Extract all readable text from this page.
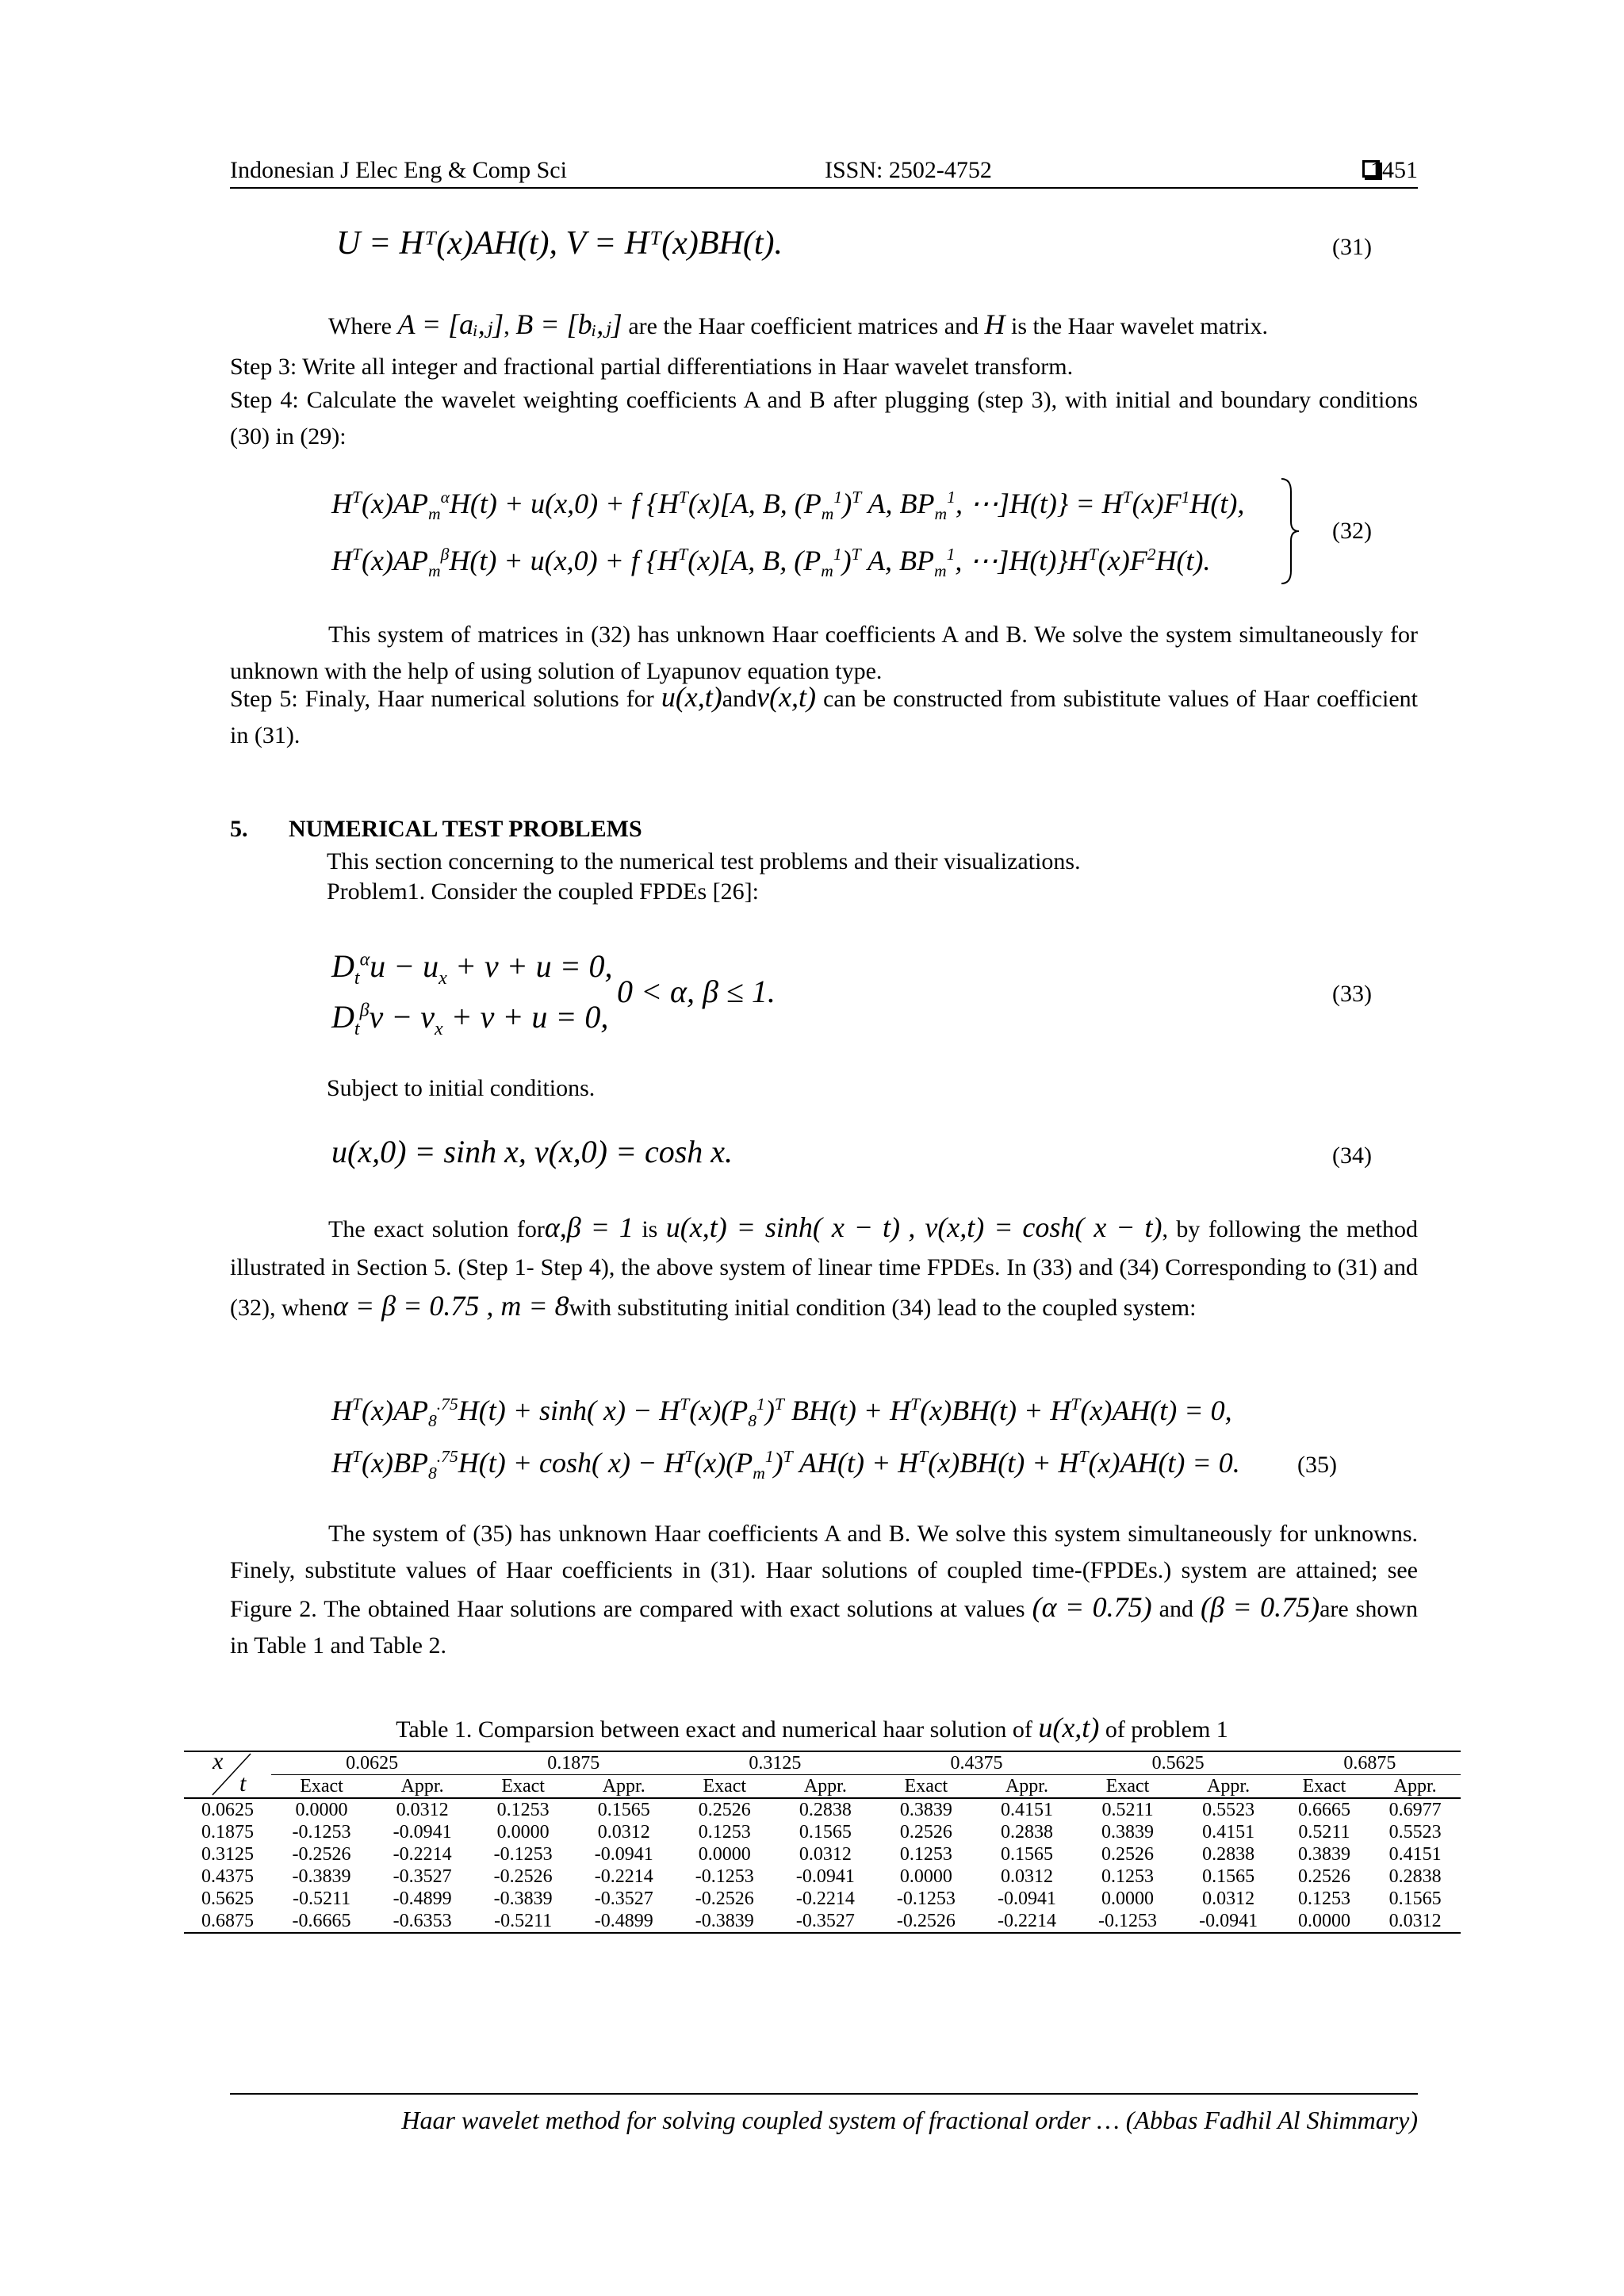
Indonesian J Elec Eng & Comp Sci	ISSN: 2502-4752	1451
U = Hᵀ(x)AH(t), V = Hᵀ(x)BH(t).	(31)
Where A = [aᵢ,ⱼ], B = [bᵢ,ⱼ] are the Haar coefficient matrices and H is the Haar wavelet matrix.
Step 3: Write all integer and fractional partial differentiations in Haar wavelet transform.
Step 4: Calculate the wavelet weighting coefficients A and B after plugging (step 3), with initial and boundary conditions (30) in (29):
$H^T(x)AP_m^\alpha H(t) + u(x,0) + f$ {$H^T(x)[A$, B, $(P_m^1)^T$ A, $BP_m^1$, ⋯]H(t)} = $H^T(x)F^1H(t)$,
$H^T(x)AP_m^\beta H(t) + u(x,0) + f$ {$H^T(x)[A$, B, $(P_m^1)^T$ A, $BP_m^1$, $\cdots]H(t)\}H^T(x)F^2H(t)$.
(32)
This system of matrices in (32) has unknown Haar coefficients A and B. We solve the system simultaneously for unknown with the help of using solution of Lyapunov equation type.
Step 5: Finaly, Haar numerical solutions for u(x,t)andv(x,t) can be constructed from subistitute values of Haar coefficient in (31).
5. NUMERICAL TEST PROBLEMS
This section concerning to the numerical test problems and their visualizations.
Problem1. Consider the coupled FPDEs [26]:
$D_t^\alpha u - u_x + v + u = 0$,
$D_t^\beta v - v_x + v + u = 0$,
0 < α, β ≤ 1.	(33)
Subject to initial conditions.
u(x,0) = sinh x, v(x,0) = cosh x.	(34)
The exact solution forα,β = 1 is u(x,t) = sinh( x − t) , v(x,t) = cosh( x − t), by following the method illustrated in Section 5. (Step 1- Step 4), the above system of linear time FPDEs. In (33) and (34) Corresponding to (31) and (32), whenα = β = 0.75 , m = 8with substituting initial condition (34) lead to the coupled system:
$H^T(x)AP_8^{.75}H(t) + \sinh$( $x) - H^T(x)(P_8^1)^T$ $BH(t) + H^T(x)BH(t) + H^T(x)AH(t) = 0$,
$H^T(x)BP_8^{.75}H(t) + \cosh$( $x) - H^T(x)(P_m^1)^T$ $AH(t) + H^T(x)BH(t) + H^T(x)AH(t) = 0$. (35)
The system of (35) has unknown Haar coefficients A and B. We solve this system simultaneously for unknowns. Finely, substitute values of Haar coefficients in (31). Haar solutions of coupled time-(FPDEs.) system are attained; see Figure 2. The obtained Haar solutions are compared with exact solutions at values (α = 0.75) and (β = 0.75)are shown in Table 1 and Table 2.
Table 1. Comparsion between exact and numerical haar solution of u(x,t) of problem 1
x
t	0.0625		0.1875		0.3125		0.4375		0.5625		0.6875	
	Exact	Appr.	Exact	Appr.	Exact	Appr.	Exact	Appr.	Exact	Appr.	Exact	Appr.
0.0625	0.0000	0.0312	0.1253	0.1565	0.2526	0.2838	0.3839	0.4151	0.5211	0.5523	0.6665	0.6977
0.1875	-0.1253	-0.0941	0.0000	0.0312	0.1253	0.1565	0.2526	0.2838	0.3839	0.4151	0.5211	0.5523
0.3125	-0.2526	-0.2214	-0.1253	-0.0941	0.0000	0.0312	0.1253	0.1565	0.2526	0.2838	0.3839	0.4151
0.4375	-0.3839	-0.3527	-0.2526	-0.2214	-0.1253	-0.0941	0.0000	0.0312	0.1253	0.1565	0.2526	0.2838
0.5625	-0.5211	-0.4899	-0.3839	-0.3527	-0.2526	-0.2214	-0.1253	-0.0941	0.0000	0.0312	0.1253	0.1565
0.6875	-0.6665	-0.6353	-0.5211	-0.4899	-0.3839	-0.3527	-0.2526	-0.2214	-0.1253	-0.0941	0.0000	0.0312
Haar wavelet method for solving coupled system of fractional order … (Abbas Fadhil Al Shimmary)
